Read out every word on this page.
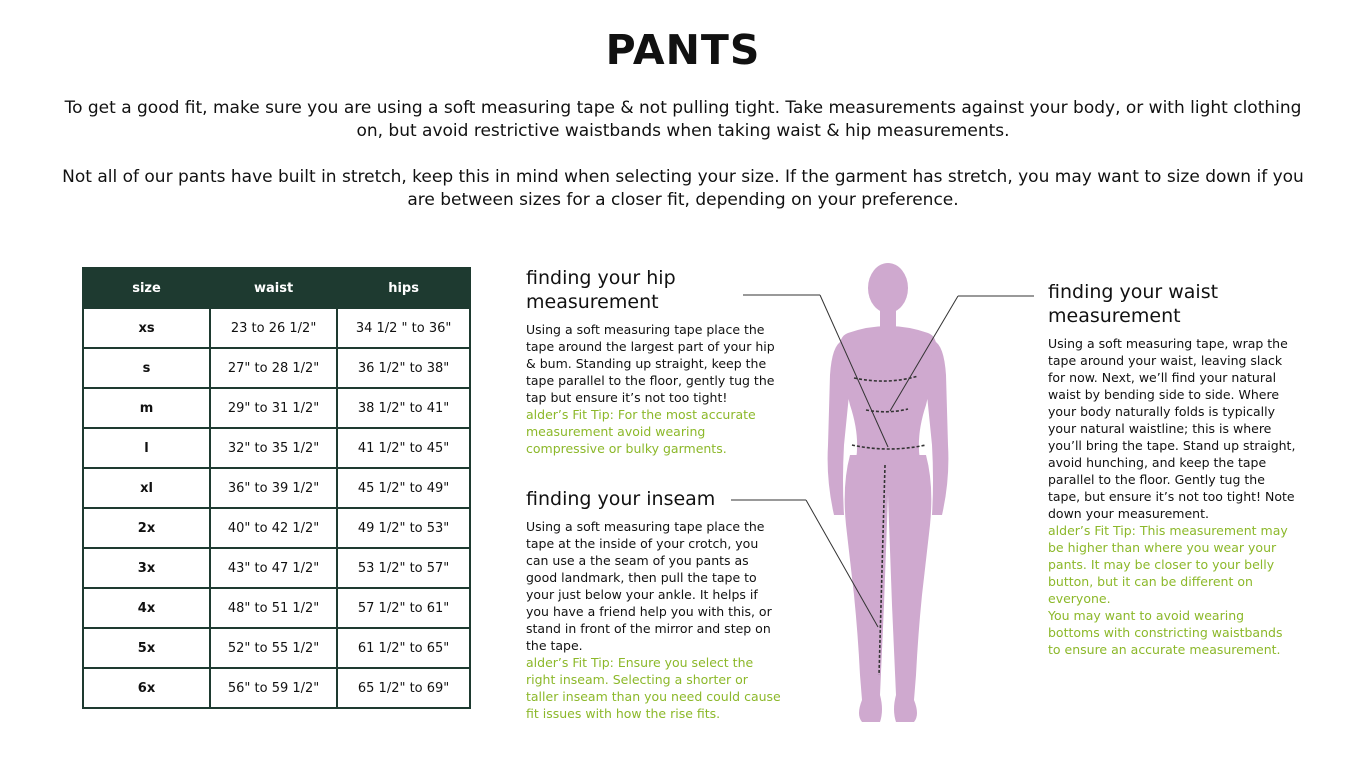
PANTS
To get a good fit, make sure you are using a soft measuring tape & not pulling tight. Take measurements against your body, or with light clothing on, but avoid restrictive waistbands when taking waist & hip measurements.
Not all of our pants have built in stretch, keep this in mind when selecting your size. If the garment has stretch, you may want to size down if you are between sizes for a closer fit, depending on your preference.
size	waist	hips
xs	23 to 26 1/2"	34 1/2 " to 36"
s	27" to 28 1/2"	36 1/2" to 38"
m	29" to 31 1/2"	38 1/2" to 41"
l	32" to 35 1/2"	41 1/2" to 45"
xl	36" to 39 1/2"	45 1/2" to 49"
2x	40" to 42 1/2"	49 1/2" to 53"
3x	43" to 47 1/2"	53 1/2" to 57"
4x	48" to 51 1/2"	57 1/2" to 61"
5x	52" to 55 1/2"	61 1/2" to 65"
6x	56" to 59 1/2"	65 1/2" to 69"
finding your hip measurement

Using a soft measuring tape place the tape around the largest part of your hip & bum. Standing up straight, keep the tape parallel to the floor, gently tug the tap but ensure it’s not too tight!

alder’s Fit Tip: For the most accurate measurement avoid wearing compressive or bulky garments.

finding your inseam

Using a soft measuring tape place the tape at the inside of your crotch, you can use a the seam of you pants as good landmark, then pull the tape to your just below your ankle. It helps if you have a friend help you with this, or stand in front of the mirror and step on the tape.

alder’s Fit Tip: Ensure you select the right inseam. Selecting a shorter or taller inseam than you need could cause fit issues with how the rise fits.

finding your waist measurement

Using a soft measuring tape, wrap the tape around your waist, leaving slack for now. Next, we’ll find your natural waist by bending side to side. Where your body naturally folds is typically your natural waistline; this is where you’ll bring the tape. Stand up straight, avoid hunching, and keep the tape parallel to the floor. Gently tug the tape, but ensure it’s not too tight! Note down your measurement.

alder’s Fit Tip: This measurement may be higher than where you wear your pants. It may be closer to your belly button, but it can be different on everyone.

You may want to avoid wearing bottoms with constricting waistbands to ensure an accurate measurement.
